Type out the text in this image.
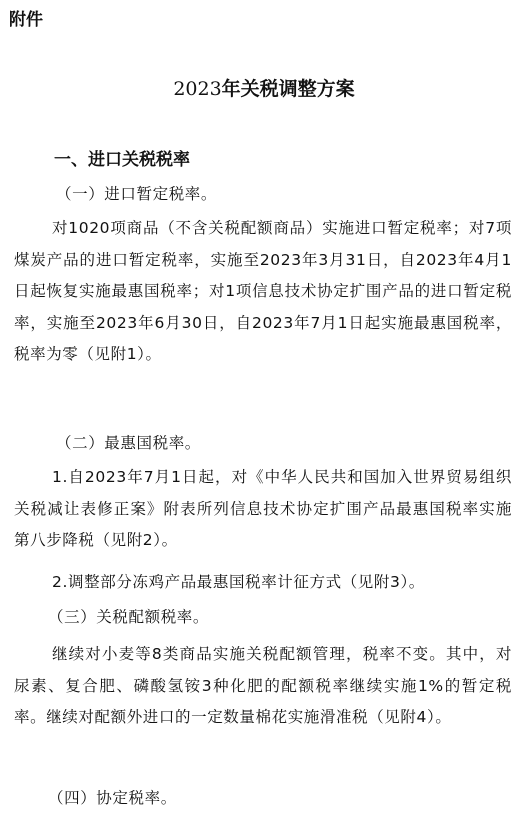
附件

2023年关税调整方案
一、进口关税税率

（一）进口暂定税率。

对1020项商品（不含关税配额商品）实施进口暂定税率；对7项煤炭产品的进口暂定税率，实施至2023年3月31日，自2023年4月1日起恢复实施最惠国税率；对1项信息技术协定扩围产品的进口暂定税率，实施至2023年6月30日，自2023年7月1日起实施最惠国税率，税率为零（见附1）。

（二）最惠国税率。

1.自2023年7月1日起，对《中华人民共和国加入世界贸易组织关税减让表修正案》附表所列信息技术协定扩围产品最惠国税率实施第八步降税（见附2）。

2.调整部分冻鸡产品最惠国税率计征方式（见附3）。

（三）关税配额税率。

继续对小麦等8类商品实施关税配额管理，税率不变。其中，对尿素、复合肥、磷酸氢铵3种化肥的配额税率继续实施1%的暂定税率。继续对配额外进口的一定数量棉花实施滑准税（见附4）。

（四）协定税率。
